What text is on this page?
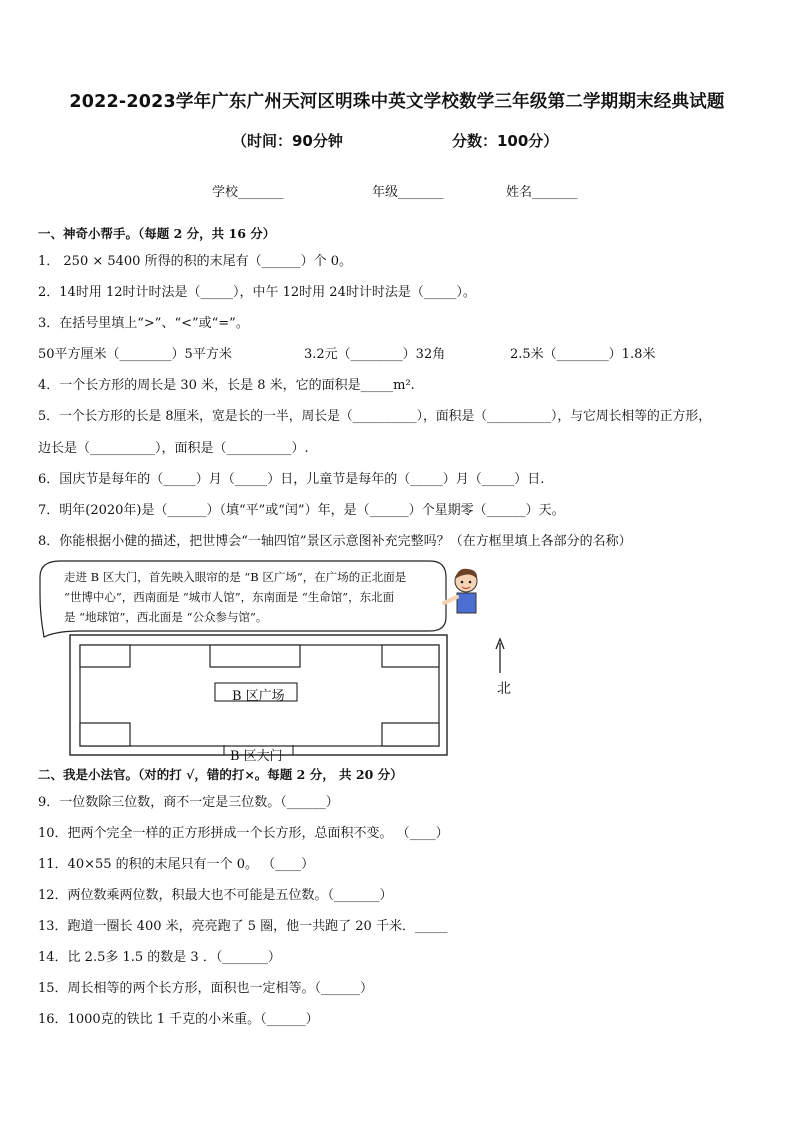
2022-2023学年广东广州天河区明珠中英文学校数学三年级第二学期期末经典试题
（时间：90分钟	分数：100分）
学校_______	年级_______	姓名_______
一、神奇小帮手。（每题 2 分，共 16 分）
1． 250 × 5400 所得的积的末尾有（______）个 0。
2．14时用 12时计时法是（_____），中午 12时用 24时计时法是（_____）。
3．在括号里填上“>”、“<”或“=”。
50平方厘米（________）5平方米	3.2元（________）32角	2.5米（________）1.8米
4．一个长方形的周长是 30 米，长是 8 米，它的面积是_____m².
5．一个长方形的长是 8厘米，宽是长的一半，周长是（__________），面积是（__________），与它周长相等的正方形，
边长是（__________），面积是（__________）.
6．国庆节是每年的（_____）月（_____）日，儿童节是每年的（_____）月（_____）日.
7．明年(2020年)是（______）（填“平”或“闰”）年，是（______）个星期零（______）天。
8．你能根据小健的描述，把世博会“一轴四馆”景区示意图补充完整吗？（在方框里填上各部分的名称）
走进 B 区大门，首先映入眼帘的是 “B 区广场”，在广场的正北面是
“世博中心”，西南面是 “城市人馆”，东南面是 “生命馆”，东北面
是 “地球馆”，西北面是 “公众参与馆”。
B 区广场
B 区大门
北
二、我是小法官。（对的打 √，错的打×。每题 2 分， 共 20 分）
9．一位数除三位数，商不一定是三位数。（______）
10．把两个完全一样的正方形拼成一个长方形，总面积不变。 （____）
11．40×55 的积的末尾只有一个 0。 （____）
12．两位数乘两位数，积最大也不可能是五位数。（_______）
13．跑道一圈长 400 米，亮亮跑了 5 圈，他一共跑了 20 千米．_____
14．比 2.5多 1.5 的数是 3 ．（_______）
15．周长相等的两个长方形，面积也一定相等。（______）
16．1000克的铁比 1 千克的小米重。（______）
